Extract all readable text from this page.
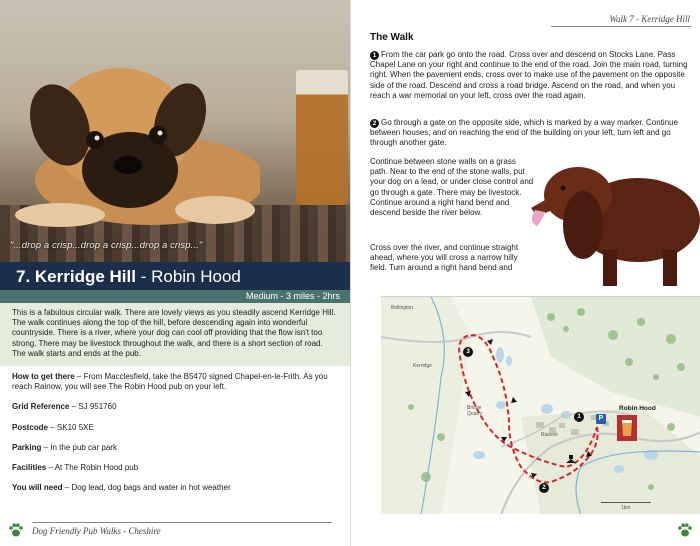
"...drop a crisp...drop a crisp...drop a crisp..."
7. Kerridge Hill - Robin Hood
Medium - 3 miles - 2hrs
This is a fabulous circular walk. There are lovely views as you steadily ascend Kerridge Hill. The walk continues along the top of the hill, before descending again into wonderful countryside. There is a river, where your dog can cool off providing that the flow isn't too strong. There may be livestock throughout the walk, and there is a short section of road. The walk starts and ends at the pub.
How to get there – From Macclesfield, take the B5470 signed Chapel-en-le-Frith. As you reach Rainow, you will see The Robin Hood pub on your left.
Grid Reference – SJ 951760
Postcode – SK10 5XE
Parking – In the pub car park
Facilities – At The Robin Hood pub
You will need – Dog lead, dog bags and water in hot weather
Dog Friendly Pub Walks - Cheshire
Walk 7 - Kerridge Hill
The Walk
1 From the car park go onto the road. Cross over and descend on Stocks Lane. Pass Chapel Lane on your right and continue to the end of the road. Join the main road, turning right. When the pavement ends, cross over to make use of the pavement on the opposite side of the road. Descend and cross a road bridge. Ascend on the road, and when you reach a war memorial on your left, cross over the road again.
2 Go through a gate on the opposite side, which is marked by a way marker. Continue between houses, and on reaching the end of the building on your left, turn left and go through another gate.
Continue between stone walls on a grass path. Near to the end of the stone walls, put your dog on a lead, or under close control and go through a gate. There may be livestock. Continue around a right hand bend and descend beside the river below.
Cross over the river, and continue straight ahead, where you will cross a narrow hilly field. Turn around a right hand bend and
Bollington
Kerridge
Bridge Quarry
Rainow
Robin Hood
1km
P
1
2
3
